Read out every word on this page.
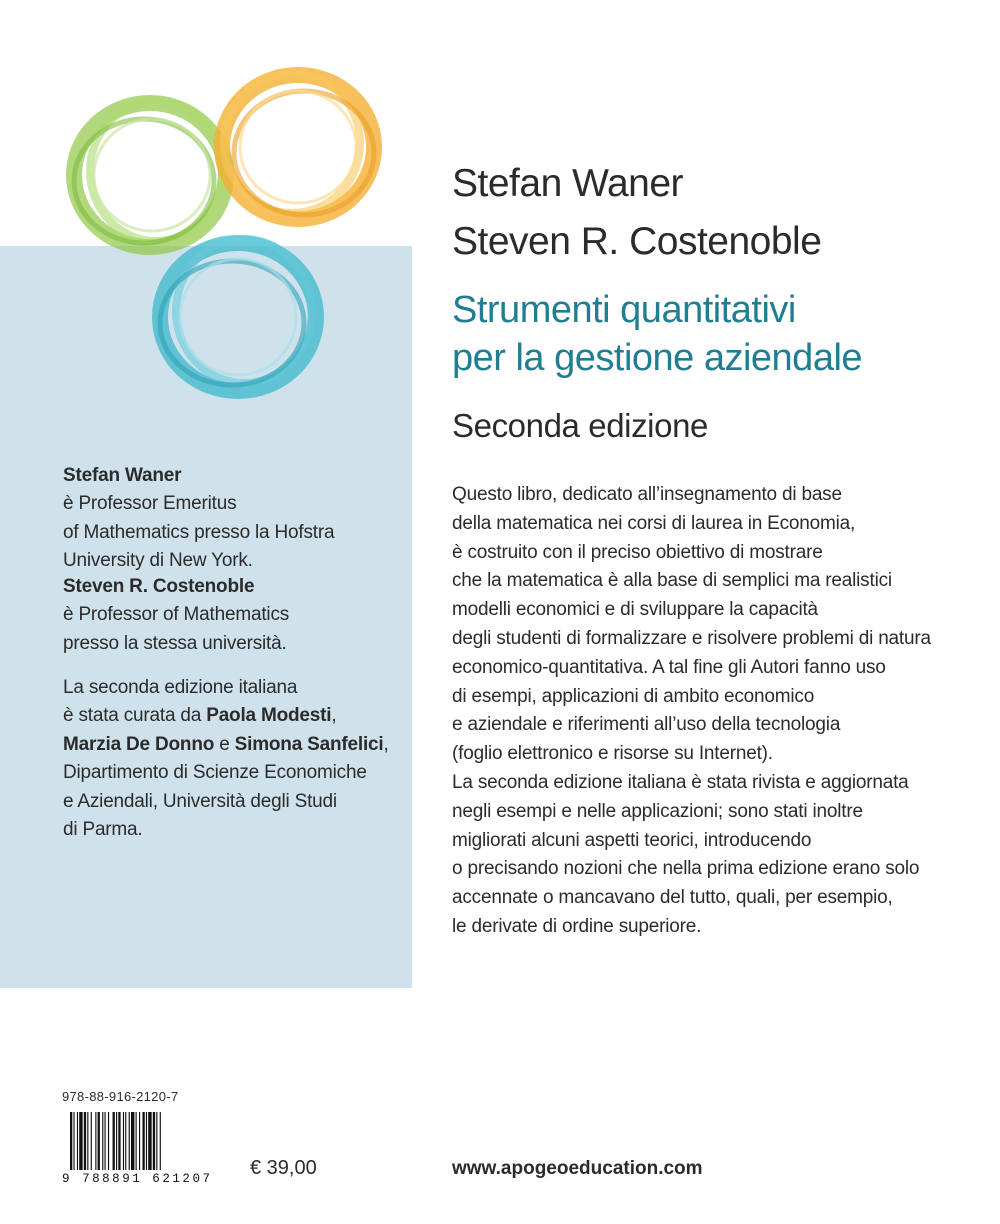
Stefan Waner

Steven R. Costenoble

Strumenti quantitativi
per la gestione aziendale
Seconda edizione
Questo libro, dedicato all’insegnamento di base
della matematica nei corsi di laurea in Economia,
è costruito con il preciso obiettivo di mostrare
che la matematica è alla base di semplici ma realistici
modelli economici e di sviluppare la capacità
degli studenti di formalizzare e risolvere problemi di natura
economico-quantitativa. A tal fine gli Autori fanno uso
di esempi, applicazioni di ambito economico
e aziendale e riferimenti all’uso della tecnologia
(foglio elettronico e risorse su Internet).
La seconda edizione italiana è stata rivista e aggiornata
negli esempi e nelle applicazioni; sono stati inoltre
migliorati alcuni aspetti teorici, introducendo
o precisando nozioni che nella prima edizione erano solo
accennate o mancavano del tutto, quali, per esempio,
le derivate di ordine superiore.
Stefan Waner
è Professor Emeritus
of Mathematics presso la Hofstra
University di New York.
Steven R. Costenoble
è Professor of Mathematics
presso la stessa università.
La seconda edizione italiana
è stata curata da Paola Modesti,
Marzia De Donno e Simona Sanfelici,
Dipartimento di Scienze Economiche
e Aziendali, Università degli Studi
di Parma.
978-88-916-2120-7
9 788891 621207 € 39,00	www.apogeoeducation.com
